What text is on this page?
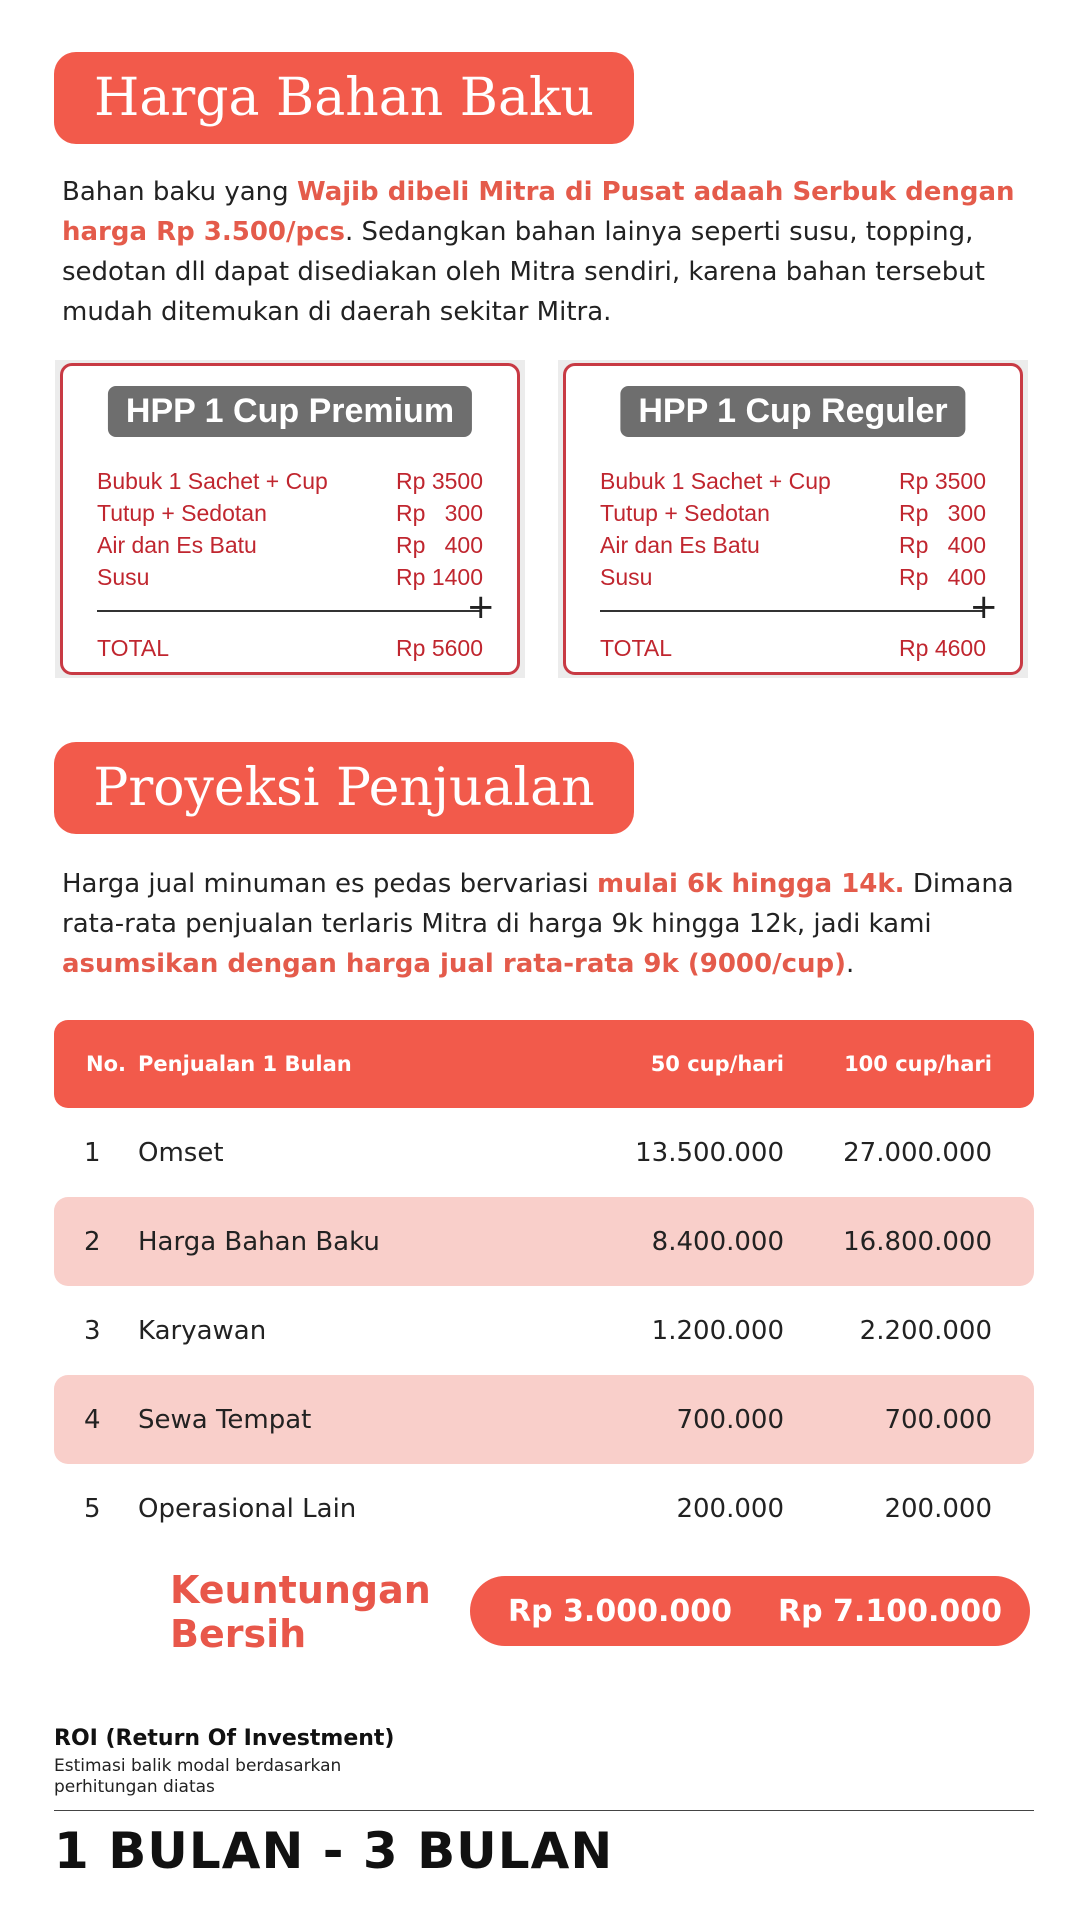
Harga Bahan Baku

Bahan baku yang Wajib dibeli Mitra di Pusat adaah Serbuk dengan harga Rp 3.500/pcs. Sedangkan bahan lainya seperti susu, topping, sedotan dll dapat disediakan oleh Mitra sendiri, karena bahan tersebut mudah ditemukan di daerah sekitar Mitra.

HPP 1 Cup Premium
Bubuk 1 Sachet + Cup	Rp 3500
Tutup + Sedotan	Rp   300
Air dan Es Batu	Rp   400
Susu	Rp 1400
+
TOTAL	Rp 5600
HPP 1 Cup Reguler
Bubuk 1 Sachet + Cup	Rp 3500
Tutup + Sedotan	Rp   300
Air dan Es Batu	Rp   400
Susu	Rp   400
+
TOTAL	Rp 4600
Proyeksi Penjualan

Harga jual minuman es pedas bervariasi mulai 6k hingga 14k. Dimana rata-rata penjualan terlaris Mitra di harga 9k hingga 12k, jadi kami asumsikan dengan harga jual rata-rata 9k (9000/cup).

No. Penjualan 1 Bulan	50 cup/hari	100 cup/hari
1	Omset	13.500.000	27.000.000
2	Harga Bahan Baku	8.400.000	16.800.000
3	Karyawan	1.200.000	2.200.000
4	Sewa Tempat	700.000	700.000
5	Operasional Lain	200.000	200.000
Keuntungan
Bersih
Rp 3.000.000	Rp 7.100.000
ROI (Return Of Investment)
Estimasi balik modal berdasarkan perhitungan diatas
1 BULAN - 3 BULAN
